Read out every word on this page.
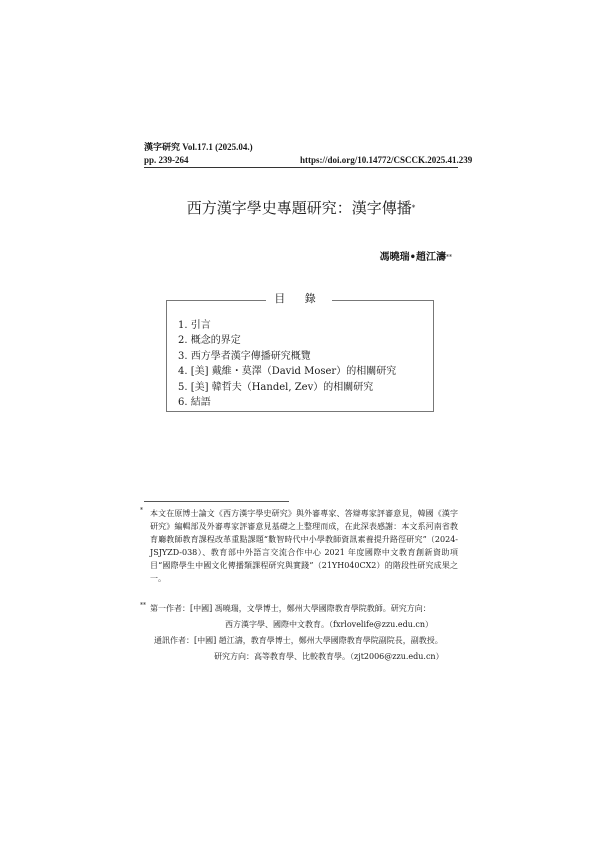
漢字研究 Vol.17.1 (2025.04.)
pp. 239-264	https://doi.org/10.14772/CSCCK.2025.41.239
西方漢字學史專題研究：漢字傳播*
馮曉瑞•趙江濤**
目 錄
1. 引言
2. 概念的界定
3. 西方學者漢字傳播研究概覽
4. [美] 戴維・莫澤（David Moser）的相關研究
5. [美] 韓哲夫（Handel, Zev）的相關研究
6. 結語
* 本文在原博士論文《西方漢字學史研究》與外審專家、答辯專家評審意見，韓國《漢字研究》編輯部及外審專家評審意見基礎之上整理而成，在此深表感謝：本文系河南省教育廳教師教育課程改革重點課題“數智時代中小學教師資訊素養提升路徑研究”（2024-JSJYZD-038）、教育部中外語言交流合作中心 2021 年度國際中文教育創新資助項目“國際學生中國文化傳播類課程研究與實踐”（21YH040CX2）的階段性研究成果之一。
** 第一作者：[中國] 馮曉瑞，文學博士，鄭州大學國際教育學院教師。研究方向：
西方漢字學、國際中文教育。（fxrlovelife@zzu.edu.cn）
通訊作者：[中國] 趙江濤，教育學博士，鄭州大學國際教育學院副院長，副教授。
研究方向：高等教育學、比較教育學。（zjt2006@zzu.edu.cn）
